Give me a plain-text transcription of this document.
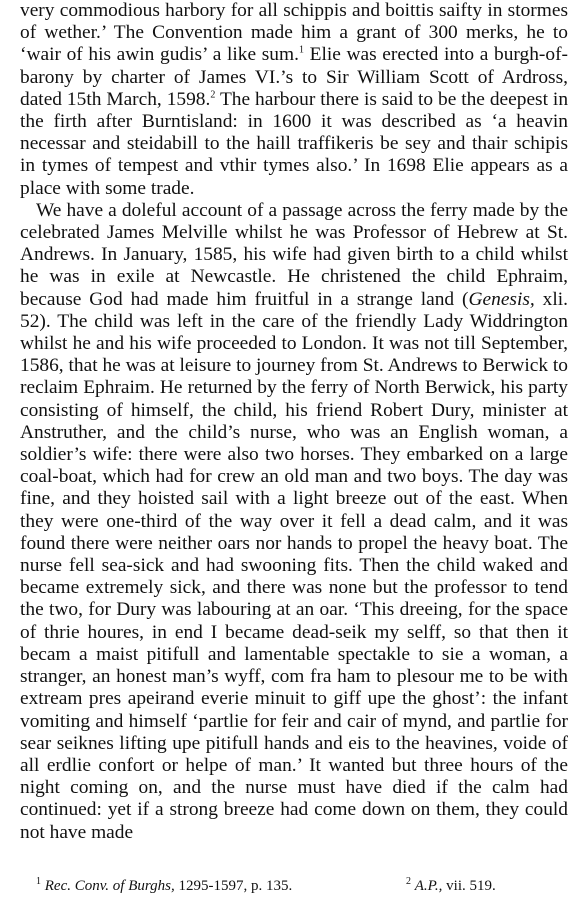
very commodious harbory for all schippis and boittis saifty in stormes of wether.’ The Convention made him a grant of 300 merks, he to ‘wair of his awin gudis’ a like sum.$^1$ Elie was erected into a burgh-of-barony by charter of James VI.’s to Sir William Scott of Ardross, dated 15th March, 1598.$^2$ The harbour there is said to be the deepest in the firth after Burntisland: in 1600 it was described as ‘a heavin necessar and steidabill to the haill traffikeris be sey and thair schipis in tymes of tempest and vthir tymes also.’ In 1698 Elie appears as a place with some trade.

We have a doleful account of a passage across the ferry made by the celebrated James Melville whilst he was Professor of Hebrew at St. Andrews. In January, 1585, his wife had given birth to a child whilst he was in exile at Newcastle. He christened the child Ephraim, because God had made him fruitful in a strange land (Genesis, xli. 52). The child was left in the care of the friendly Lady Widdrington whilst he and his wife proceeded to London. It was not till September, 1586, that he was at leisure to journey from St. Andrews to Berwick to reclaim Ephraim. He returned by the ferry of North Berwick, his party consisting of himself, the child, his friend Robert Dury, minister at Anstruther, and the child’s nurse, who was an English woman, a soldier’s wife: there were also two horses. They embarked on a large coal-boat, which had for crew an old man and two boys. The day was fine, and they hoisted sail with a light breeze out of the east. When they were one-third of the way over it fell a dead calm, and it was found there were neither oars nor hands to propel the heavy boat. The nurse fell sea-sick and had swooning fits. Then the child waked and became extremely sick, and there was none but the professor to tend the two, for Dury was labouring at an oar. ‘This dreeing, for the space of thrie houres, in end I became dead-seik my selff, so that then it becam a maist pitifull and lamentable spectakle to sie a woman, a stranger, an honest man’s wyff, com fra ham to plesour me to be with extream pres apeirand everie minuit to giff upe the ghost’: the infant vomiting and himself ‘partlie for feir and cair of mynd, and partlie for sear seiknes lifting upe pitifull hands and eis to the heavines, voide of all erdlie confort or helpe of man.’ It wanted but three hours of the night coming on, and the nurse must have died if the calm had continued: yet if a strong breeze had come down on them, they could not have made

$^1$ Rec. Conv. of Burghs, 1295-1597, p. 135.	$^2$ A.P., vii. 519.
